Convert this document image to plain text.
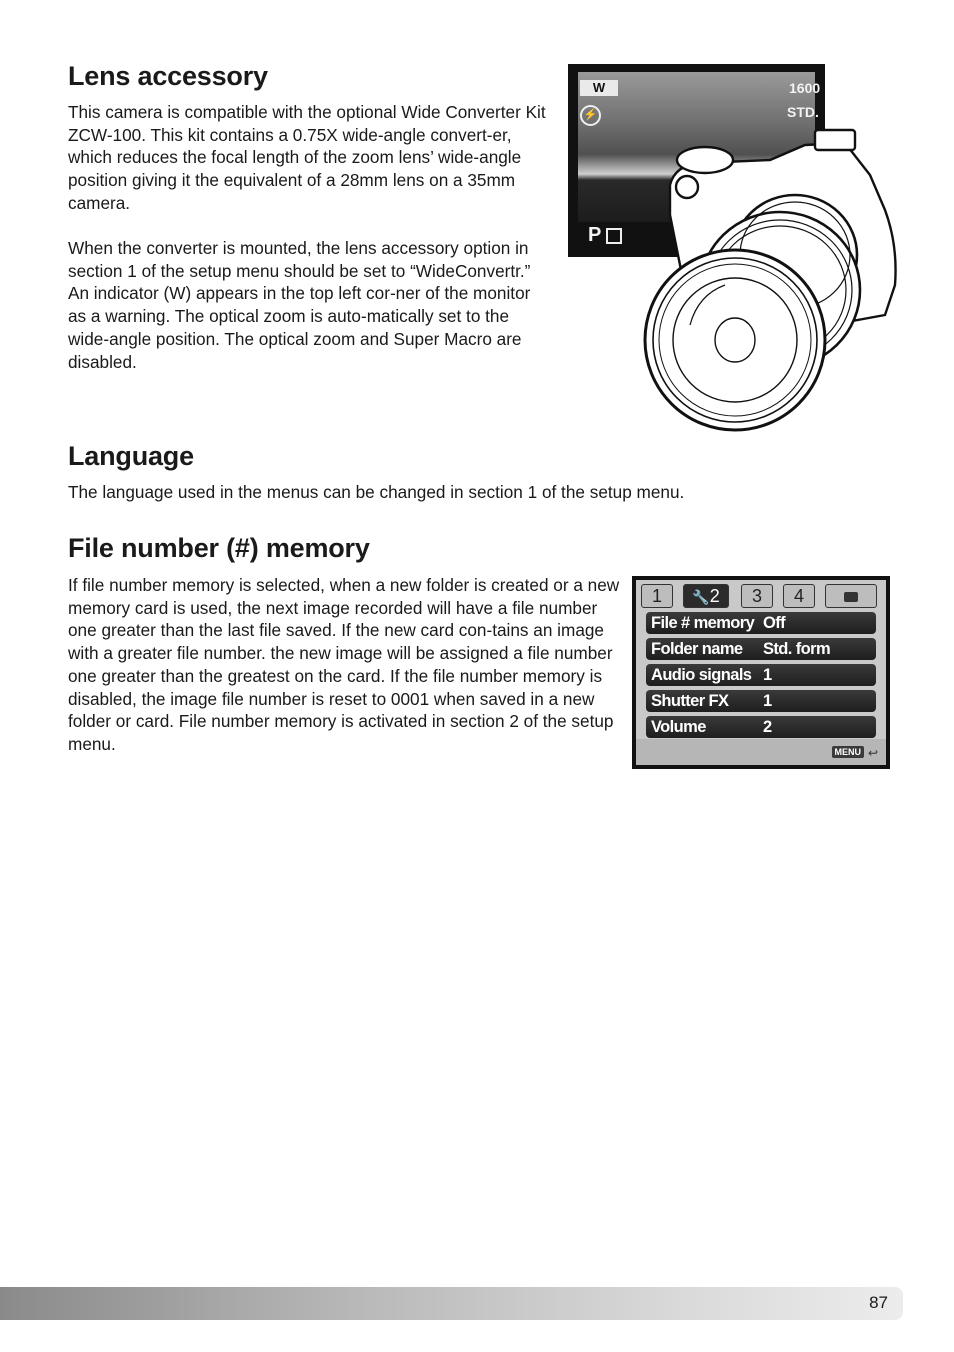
Lens accessory

This camera is compatible with the optional Wide Converter Kit ZCW-100. This kit contains a 0.75X wide-angle convert-er, which reduces the focal length of the zoom lens’ wide-angle position giving it the equivalent of a 28mm lens on a 35mm camera.

When the converter is mounted, the lens accessory option in section 1 of the setup menu should be set to “WideConvertr.” An indicator (W) appears in the top left cor-ner of the monitor as a warning. The optical zoom is auto-matically set to the wide-angle position. The optical zoom and Super Macro are disabled.

W
⚡
1600
STD.
P
Language

The language used in the menus can be changed in section 1 of the setup menu.

File number (#) memory

If file number memory is selected, when a new folder is created or a new memory card is used, the next image recorded will have a file number one greater than the last file saved. If the new card con-tains an image with a greater file number. the new image will be assigned a file number one greater than the greatest on the card. If the file number memory is disabled, the image file number is reset to 0001 when saved in a new folder or card. File number memory is activated in section 2 of the setup menu.

1	🔧2	3	4
File # memory Off
Folder name Std. form
Audio signals 1
Shutter FX 1
Volume	2
MENU ↩
87
